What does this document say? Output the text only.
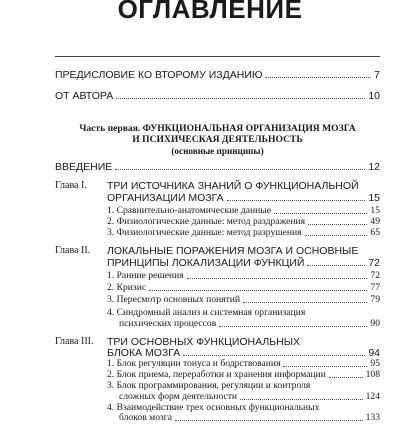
ОГЛАВЛЕНИЕ
ПРЕДИСЛОВИЕ КО ВТОРОМУ ИЗДАНИЮ	7
ОТ АВТОРА	10
Часть первая. ФУНКЦИОНАЛЬНАЯ ОРГАНИЗАЦИЯ МОЗГА
И ПСИХИЧЕСКАЯ ДЕЯТЕЛЬНОСТЬ
(основные принципы)
ВВЕДЕНИЕ	12
Глава I. ТРИ ИСТОЧНИКА ЗНАНИЙ О ФУНКЦИОНАЛЬНОЙ
ОРГАНИЗАЦИИ МОЗГА	15
1. Сравнительно-анатомические данные	15
2. Физиологические данные: метод раздражения	49
3. Физиологические данные: метод разрушения	65
Глава II. ЛОКАЛЬНЫЕ ПОРАЖЕНИЯ МОЗГА И ОСНОВНЫЕ
ПРИНЦИПЫ ЛОКАЛИЗАЦИИ ФУНКЦИЙ	72
1. Ранние решения	72
2. Кризис	77
3. Пересмотр основных понятий	79
4. Синдромный анализ и системная организация
психических процессов	90
Глава III. ТРИ ОСНОВНЫХ ФУНКЦИОНАЛЬНЫХ
БЛОКА МОЗГА	94
1. Блок регуляции тонуса и бодрствования	95
2. Блок приема, переработки и хранения информации	108
3. Блок программирования, регуляции и контроля
сложных форм деятельности	124
4. Взаимодействие трех основных функциональных
блоков мозга	133
